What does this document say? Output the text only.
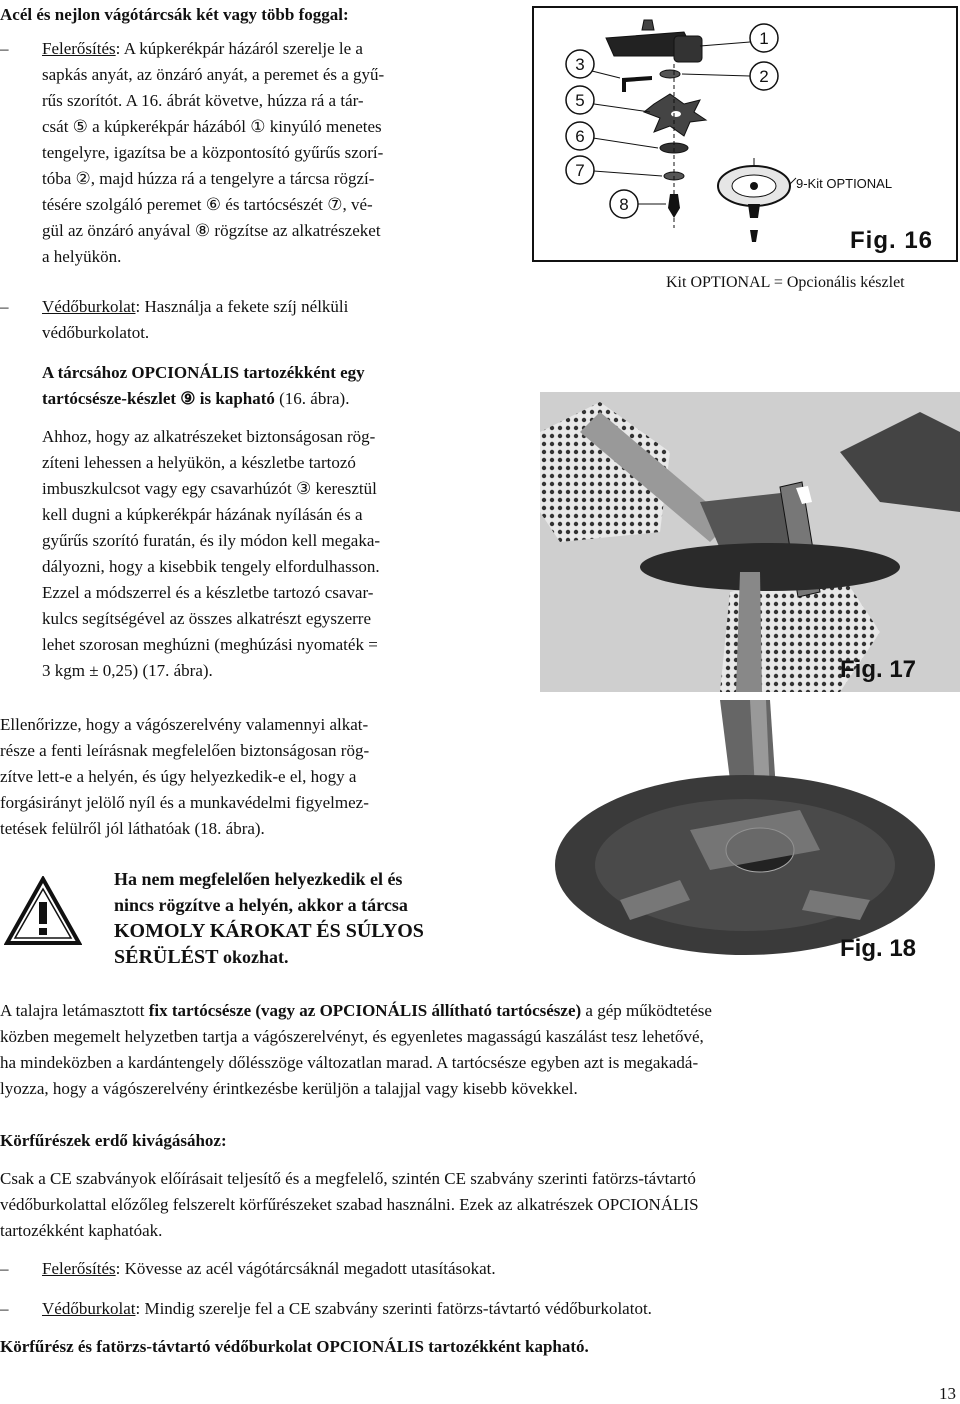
Acél és nejlon vágótárcsák két vagy több foggal:
– Felerősítés: A kúpkerékpár házáról szerelje le a
sapkás anyát, az önzáró anyát, a peremet és a gyű-
rűs szorítót. A 16. ábrát követve, húzza rá a tár-
csát ⑤ a kúpkerékpár házából ① kinyúló menetes
tengelyre, igazítsa be a központosító gyűrűs szorí-
tóba ②, majd húzza rá a tengelyre a tárcsa rögzí-
tésére szolgáló peremet ⑥ és tartócsészét ⑦, vé-
gül az önzáró anyával ⑧ rögzítse az alkatrészeket
a helyükön.
– Védőburkolat: Használja a fekete szíj nélküli
védőburkolatot.
A tárcsához OPCIONÁLIS tartozékként egy
tartócsésze-készlet ⑨ is kapható (16. ábra).
Ahhoz, hogy az alkatrészeket biztonságosan rög-
zíteni lehessen a helyükön, a készletbe tartozó
imbuszkulcsot vagy egy csavarhúzót ③ keresztül
kell dugni a kúpkerékpár házának nyílásán és a
gyűrűs szorító furatán, és ily módon kell megaka-
dályozni, hogy a kisebbik tengely elfordulhasson.
Ezzel a módszerrel és a készletbe tartozó csavar-
kulcs segítségével az összes alkatrészt egyszerre
lehet szorosan meghúzni (meghúzási nyomaték =
3 kgm ± 0,25) (17. ábra).
Ellenőrizze, hogy a vágószerelvény valamennyi alkat-
része a fenti leírásnak megfelelően biztonságosan rög-
zítve lett-e a helyén, és úgy helyezkedik-e el, hogy a
forgásirányt jelölő nyíl és a munkavédelmi figyelmez-
tetések felülről jól láthatóak (18. ábra).
Ha nem megfelelően helyezkedik el és
nincs rögzítve a helyén, akkor a tárcsa
KOMOLY KÁROKAT ÉS SÚLYOS
SÉRÜLÉST okozhat.
1
2
3
5
6
7
8
9-Kit OPTIONAL
Fig. 16
Kit OPTIONAL = Opcionális készlet
Fig. 17
Fig. 18
A talajra letámasztott fix tartócsésze (vagy az OPCIONÁLIS állítható tartócsésze) a gép működtetése
közben megemelt helyzetben tartja a vágószerelvényt, és egyenletes magasságú kaszálást tesz lehetővé,
ha mindeközben a kardántengely dőlésszöge változatlan marad. A tartócsésze egyben azt is megakadá-
lyozza, hogy a vágószerelvény érintkezésbe kerüljön a talajjal vagy kisebb kövekkel.
Körfűrészek erdő kivágásához:
Csak a CE szabványok előírásait teljesítő és a megfelelő, szintén CE szabvány szerinti fatörzs-távtartó
védőburkolattal előzőleg felszerelt körfűrészeket szabad használni. Ezek az alkatrészek OPCIONÁLIS
tartozékként kaphatóak.
–	Felerősítés: Kövesse az acél vágótárcsáknál megadott utasításokat.
–	Védőburkolat: Mindig szerelje fel a CE szabvány szerinti fatörzs-távtartó védőburkolatot.
Körfűrész és fatörzs-távtartó védőburkolat OPCIONÁLIS tartozékként kapható.
13
